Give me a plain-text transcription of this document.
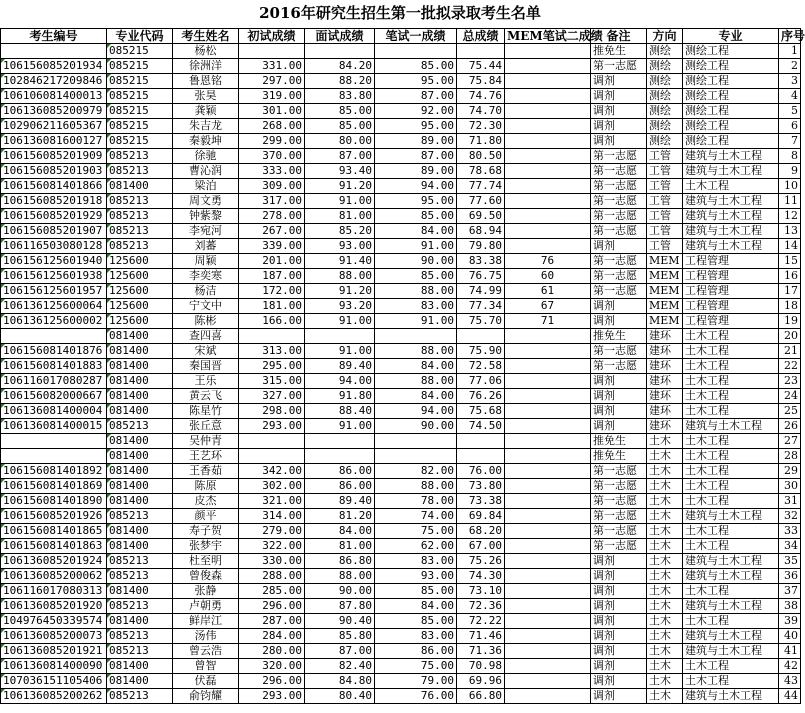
2016年研究生招生第一批拟录取考生名单
考生编号	专业代码	考生姓名	初试成绩	面试成绩	笔试一成绩	总成绩	MEM笔试二成绩	备注	方向	专业	序号
	085215	杨松						推免生	测绘	测绘工程	1
106156085201934	085215	徐洲洋	331.00	84.20	85.00	75.44		第一志愿	测绘	测绘工程	2
102846217209846	085215	鲁恩铭	297.00	88.20	95.00	75.84		调剂	测绘	测绘工程	3
106106081400013	085215	张昊	319.00	83.80	87.00	74.76		调剂	测绘	测绘工程	4
106136085200979	085215	龚颖	301.00	85.00	92.00	74.70		调剂	测绘	测绘工程	5
102906211605367	085215	朱吉龙	268.00	85.00	95.00	72.30		调剂	测绘	测绘工程	6
106136081600127	085215	秦毅坤	299.00	80.00	89.00	71.80		调剂	测绘	测绘工程	7
106156085201909	085213	徐驰	370.00	87.00	87.00	80.50		第一志愿	工管	建筑与土木工程	8
106156085201903	085213	曹沁润	333.00	93.40	89.00	78.68		第一志愿	工管	建筑与土木工程	9
106156081401866	081400	梁泊	309.00	91.20	94.00	77.74		第一志愿	工管	土木工程	10
106156085201918	085213	周文勇	317.00	91.00	95.00	77.60		第一志愿	工管	建筑与土木工程	11
106156085201929	085213	钟紫黎	278.00	81.00	85.00	69.50		第一志愿	工管	建筑与土木工程	12
106156085201907	085213	李宛河	267.00	85.20	84.00	68.94		第一志愿	工管	建筑与土木工程	13
106116503080128	085213	刘蕃	339.00	93.00	91.00	79.80		调剂	工管	建筑与土木工程	14
106156125601940	125600	周颖	201.00	91.40	90.00	83.38	76	第一志愿	MEM	工程管理	15
106156125601938	125600	李奕寒	187.00	88.00	85.00	76.75	60	第一志愿	MEM	工程管理	16
106156125601957	125600	杨洁	172.00	91.20	88.00	74.99	61	第一志愿	MEM	工程管理	17
106136125600064	125600	宁文中	181.00	93.20	83.00	77.34	67	调剂	MEM	工程管理	18
106136125600002	125600	陈彬	166.00	91.00	91.00	75.70	71	调剂	MEM	工程管理	19
	081400	查四喜						推免生	建环	土木工程	20
106156081401876	081400	宋斌	313.00	91.00	88.00	75.90		第一志愿	建环	土木工程	21
106156081401883	081400	秦国晋	295.00	89.40	84.00	72.58		第一志愿	建环	土木工程	22
106116017080287	081400	王乐	315.00	94.00	88.00	77.06		调剂	建环	土木工程	23
106156082000667	081400	黄云飞	327.00	91.80	84.00	76.26		调剂	建环	土木工程	24
106136081400004	081400	陈星竹	298.00	88.40	94.00	75.68		调剂	建环	土木工程	25
106136081400015	085213	张丘意	293.00	91.00	90.00	74.50		调剂	建环	建筑与土木工程	26
	081400	吴仲青						推免生	土木	土木工程	27
	081400	王艺环						推免生	土木	土木工程	28
106156081401892	081400	王香茹	342.00	86.00	82.00	76.00		第一志愿	土木	土木工程	29
106156081401869	081400	陈原	302.00	86.00	88.00	73.80		第一志愿	土木	土木工程	30
106156081401890	081400	皮杰	321.00	89.40	78.00	73.38		第一志愿	土木	土木工程	31
106156085201926	085213	颜平	314.00	81.20	74.00	69.84		第一志愿	土木	建筑与土木工程	32
106156081401865	081400	寿子贺	279.00	84.00	75.00	68.20		第一志愿	土木	土木工程	33
106156081401863	081400	张梦宇	322.00	81.00	62.00	67.00		第一志愿	土木	土木工程	34
106136085201924	085213	杜至明	330.00	86.80	83.00	75.26		调剂	土木	建筑与土木工程	35
106136085200062	085213	曾俊森	288.00	88.00	93.00	74.30		调剂	土木	建筑与土木工程	36
106116017080313	081400	张静	285.00	90.00	85.00	73.10		调剂	土木	土木工程	37
106136085201920	085213	卢朝勇	296.00	87.80	84.00	72.36		调剂	土木	建筑与土木工程	38
104976450339574	081400	鲜岸江	287.00	90.40	85.00	72.22		调剂	土木	土木工程	39
106136085200073	085213	汤伟	284.00	85.80	83.00	71.46		调剂	土木	建筑与土木工程	40
106136085201921	085213	曾云浩	280.00	87.00	86.00	71.36		调剂	土木	建筑与土木工程	41
106136081400090	081400	曾智	320.00	82.40	75.00	70.98		调剂	土木	土木工程	42
107036151105406	081400	伏磊	296.00	84.80	79.00	69.96		调剂	土木	土木工程	43
106136085200262	085213	俞钧耀	293.00	80.40	76.00	66.80		调剂	土木	建筑与土木工程	44
